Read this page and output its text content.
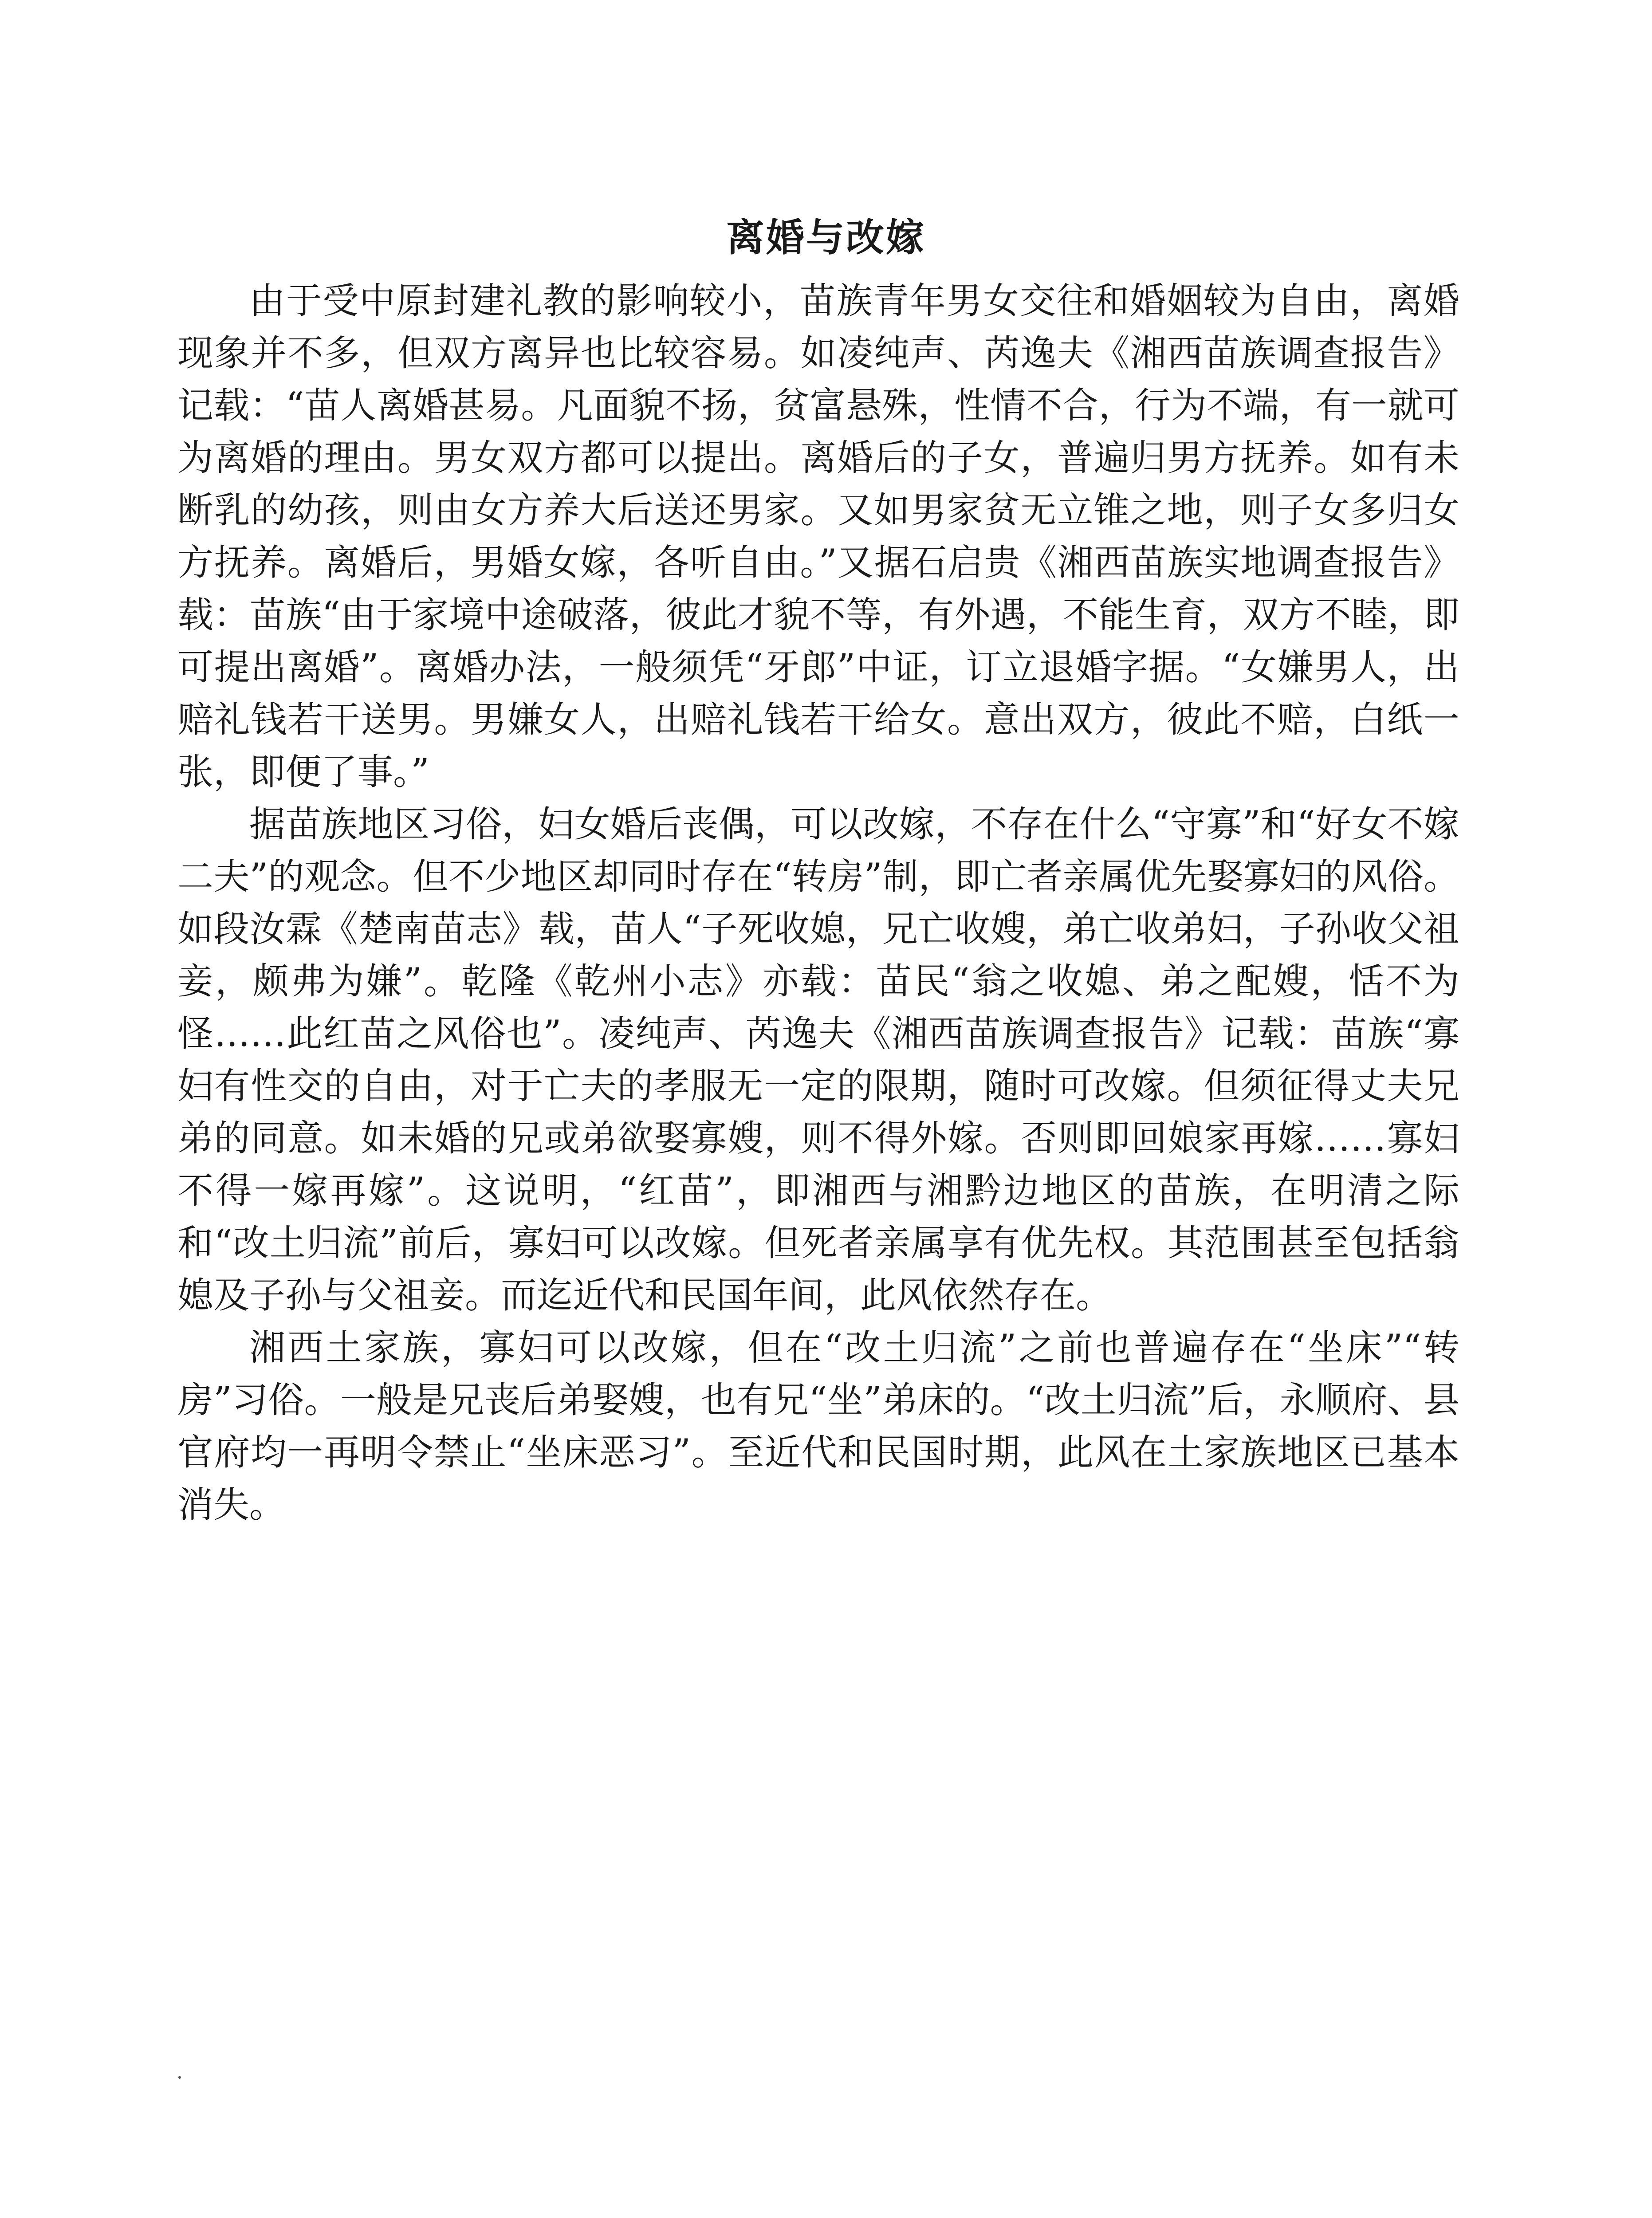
离婚与改嫁

由于受中原封建礼教的影响较小，苗族青年男女交往和婚姻较为自由，离婚现象并不多，但双方离异也比较容易。如凌纯声、芮逸夫《湘西苗族调查报告》记载：“苗人离婚甚易。凡面貌不扬，贫富悬殊，性情不合，行为不端，有一就可为离婚的理由。男女双方都可以提出。离婚后的子女，普遍归男方抚养。如有未断乳的幼孩，则由女方养大后送还男家。又如男家贫无立锥之地，则子女多归女方抚养。离婚后，男婚女嫁，各听自由。”又据石启贵《湘西苗族实地调查报告》载：苗族“由于家境中途破落，彼此才貌不等，有外遇，不能生育，双方不睦，即可提出离婚”。离婚办法，一般须凭“牙郎”中证，订立退婚字据。“女嫌男人，出赔礼钱若干送男。男嫌女人，出赔礼钱若干给女。意出双方，彼此不赔，白纸一张，即便了事。”

据苗族地区习俗，妇女婚后丧偶，可以改嫁，不存在什么“守寡”和“好女不嫁二夫”的观念。但不少地区却同时存在“转房”制，即亡者亲属优先娶寡妇的风俗。如段汝霖《楚南苗志》载，苗人“子死收媳，兄亡收嫂，弟亡收弟妇，子孙收父祖妾，颇弗为嫌”。乾隆《乾州小志》亦载：苗民“翁之收媳、弟之配嫂，恬不为怪……此红苗之风俗也”。凌纯声、芮逸夫《湘西苗族调查报告》记载：苗族“寡妇有性交的自由，对于亡夫的孝服无一定的限期，随时可改嫁。但须征得丈夫兄弟的同意。如未婚的兄或弟欲娶寡嫂，则不得外嫁。否则即回娘家再嫁……寡妇不得一嫁再嫁”。这说明，“红苗”，即湘西与湘黔边地区的苗族，在明清之际和“改土归流”前后，寡妇可以改嫁。但死者亲属享有优先权。其范围甚至包括翁媳及子孙与父祖妾。而迄近代和民国年间，此风依然存在。

湘西土家族，寡妇可以改嫁，但在“改土归流”之前也普遍存在“坐床”“转房”习俗。一般是兄丧后弟娶嫂，也有兄“坐”弟床的。“改土归流”后，永顺府、县官府均一再明令禁止“坐床恶习”。至近代和民国时期，此风在土家族地区已基本消失。
